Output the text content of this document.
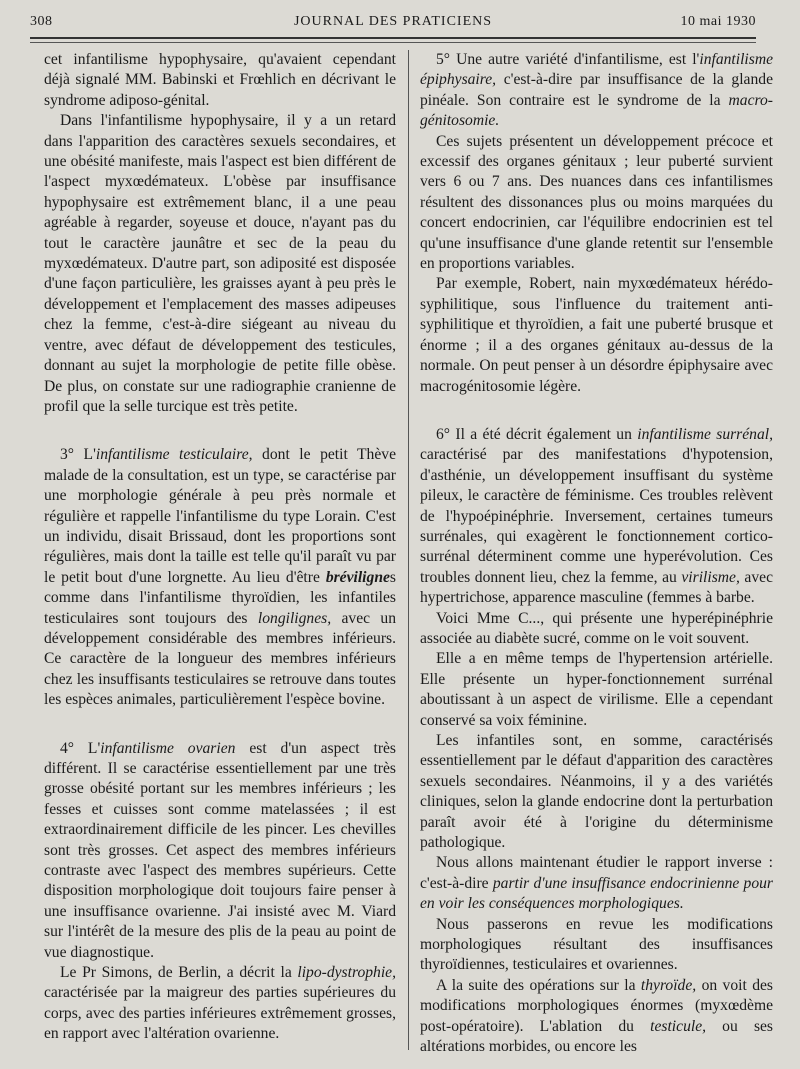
308	JOURNAL DES PRATICIENS	10 mai 1930

cet infantilisme hypophysaire, qu'avaient cependant déjà signalé MM. Babinski et Frœhlich en décrivant le syndrome adiposo-génital.

Dans l'infantilisme hypophysaire, il y a un retard dans l'apparition des caractères sexuels secondaires, et une obésité manifeste, mais l'aspect est bien différent de l'aspect myxœdémateux. L'obèse par insuffisance hypophysaire est extrêmement blanc, il a une peau agréable à regarder, soyeuse et douce, n'ayant pas du tout le caractère jaunâtre et sec de la peau du myxœdémateux. D'autre part, son adiposité est disposée d'une façon particulière, les graisses ayant à peu près le développement et l'emplacement des masses adipeuses chez la femme, c'est-à-dire siégeant au niveau du ventre, avec défaut de développement des testicules, donnant au sujet la morphologie de petite fille obèse. De plus, on constate sur une radiographie cranienne de profil que la selle turcique est très petite.

3° L'infantilisme testiculaire, dont le petit Thève malade de la consultation, est un type, se caractérise par une morphologie générale à peu près normale et régulière et rappelle l'infantilisme du type Lorain. C'est un individu, disait Brissaud, dont les proportions sont régulières, mais dont la taille est telle qu'il paraît vu par le petit bout d'une lorgnette. Au lieu d'être brévilignes comme dans l'infantilisme thyroïdien, les infantiles testiculaires sont toujours des longilignes, avec un développement considérable des membres inférieurs. Ce caractère de la longueur des membres inférieurs chez les insuffisants testiculaires se retrouve dans toutes les espèces animales, particulièrement l'espèce bovine.

4° L'infantilisme ovarien est d'un aspect très différent. Il se caractérise essentiellement par une très grosse obésité portant sur les membres inférieurs ; les fesses et cuisses sont comme matelassées ; il est extraordinairement difficile de les pincer. Les chevilles sont très grosses. Cet aspect des membres inférieurs contraste avec l'aspect des membres supérieurs. Cette disposition morphologique doit toujours faire penser à une insuffisance ovarienne. J'ai insisté avec M. Viard sur l'intérêt de la mesure des plis de la peau au point de vue diagnostique.

Le Pr Simons, de Berlin, a décrit la lipo-dystrophie, caractérisée par la maigreur des parties supérieures du corps, avec des parties inférieures extrêmement grosses, en rapport avec l'altération ovarienne.

5° Une autre variété d'infantilisme, est l'infantilisme épiphysaire, c'est-à-dire par insuffisance de la glande pinéale. Son contraire est le syndrome de la macro-génitosomie.

Ces sujets présentent un développement précoce et excessif des organes génitaux ; leur puberté survient vers 6 ou 7 ans. Des nuances dans ces infantilismes résultent des dissonances plus ou moins marquées du concert endocrinien, car l'équilibre endocrinien est tel qu'une insuffisance d'une glande retentit sur l'ensemble en proportions variables.

Par exemple, Robert, nain myxœdémateux hérédo-syphilitique, sous l'influence du traitement anti-syphilitique et thyroïdien, a fait une puberté brusque et énorme ; il a des organes génitaux au-dessus de la normale. On peut penser à un désordre épiphysaire avec macrogénitosomie légère.

6° Il a été décrit également un infantilisme surrénal, caractérisé par des manifestations d'hypotension, d'asthénie, un développement insuffisant du système pileux, le caractère de féminisme. Ces troubles relèvent de l'hypoépinéphrie. Inversement, certaines tumeurs surrénales, qui exagèrent le fonctionnement cortico-surrénal déterminent comme une hyperévolution. Ces troubles donnent lieu, chez la femme, au virilisme, avec hypertrichose, apparence masculine (femmes à barbe.

Voici Mme C..., qui présente une hyperépinéphrie associée au diabète sucré, comme on le voit souvent.

Elle a en même temps de l'hypertension artérielle. Elle présente un hyper-fonctionnement surrénal aboutissant à un aspect de virilisme. Elle a cependant conservé sa voix féminine.

Les infantiles sont, en somme, caractérisés essentiellement par le défaut d'apparition des caractères sexuels secondaires. Néanmoins, il y a des variétés cliniques, selon la glande endocrine dont la perturbation paraît avoir été à l'origine du déterminisme pathologique.

Nous allons maintenant étudier le rapport inverse : c'est-à-dire partir d'une insuffisance endocrinienne pour en voir les conséquences morphologiques.

Nous passerons en revue les modifications morphologiques résultant des insuffisances thyroïdiennes, testiculaires et ovariennes.

A la suite des opérations sur la thyroïde, on voit des modifications morphologiques énormes (myxœdème post-opératoire). L'ablation du testicule, ou ses altérations morbides, ou encore les
